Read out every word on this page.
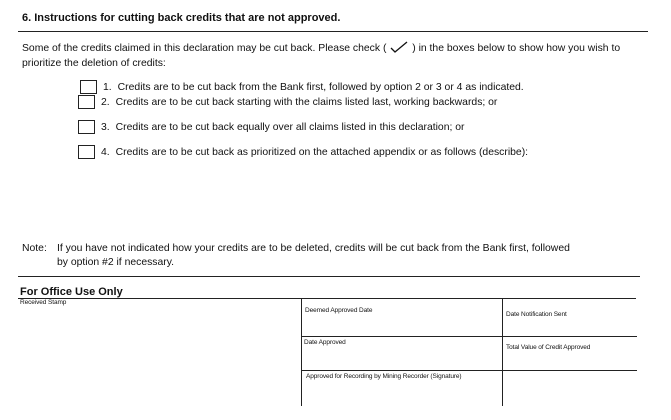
6. Instructions for cutting back credits that are not approved.
Some of the credits claimed in this declaration may be cut back. Please check ( ) in the boxes below to show how you wish to prioritize the deletion of credits:
1. Credits are to be cut back from the Bank first, followed by option 2 or 3 or 4 as indicated.
2. Credits are to be cut back starting with the claims listed last, working backwards; or
3. Credits are to be cut back equally over all claims listed in this declaration; or
4. Credits are to be cut back as prioritized on the attached appendix or as follows (describe):
Note: If you have not indicated how your credits are to be deleted, credits will be cut back from the Bank first, followed
by option #2 if necessary.
For Office Use Only
Received Stamp
Deemed Approved Date
Date Notification Sent
Date Approved
Total Value of Credit Approved
Approved for Recording by Mining Recorder (Signature)
